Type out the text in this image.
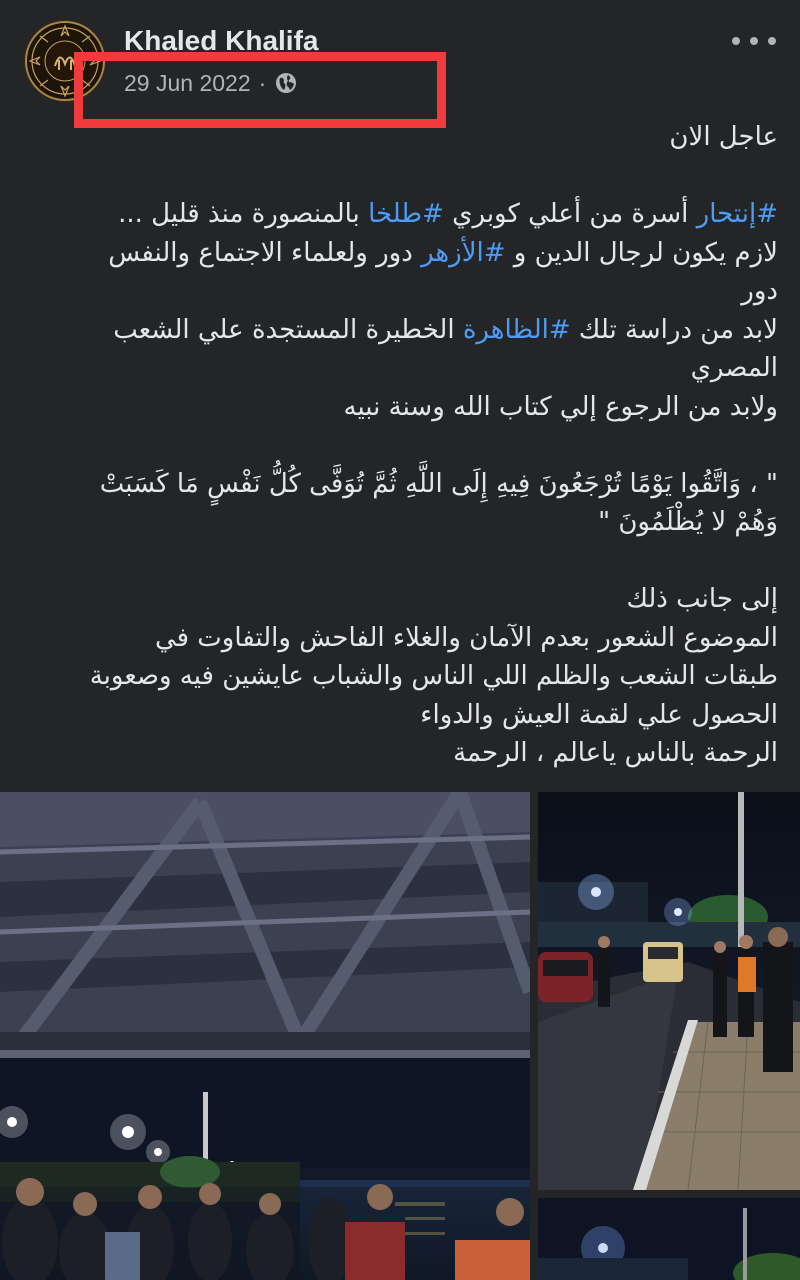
Khaled Khalifa
29 Jun 2022 ·
عاجل الان
#إنتحار أسرة من أعلي كوبري #طلخا بالمنصورة منذ قليل ...
لازم يكون لرجال الدين و #الأزهر دور ولعلماء الاجتماع والنفس
دور
لابد من دراسة تلك #الظاهرة الخطيرة المستجدة علي الشعب
المصري
ولابد من الرجوع إلي كتاب الله وسنة نبيه
" ، وَاتَّقُوا يَوْمًا تُرْجَعُونَ فِيهِ إِلَى اللَّهِ ثُمَّ تُوَفَّى كُلُّ نَفْسٍ مَا كَسَبَتْ
وَهُمْ لا يُظْلَمُونَ "
إلى جانب ذلك
الموضوع الشعور بعدم الآمان والغلاء الفاحش والتفاوت في
طبقات الشعب والظلم اللي الناس والشباب عايشين فيه وصعوبة
الحصول علي لقمة العيش والدواء
الرحمة بالناس ياعالم ، الرحمة
